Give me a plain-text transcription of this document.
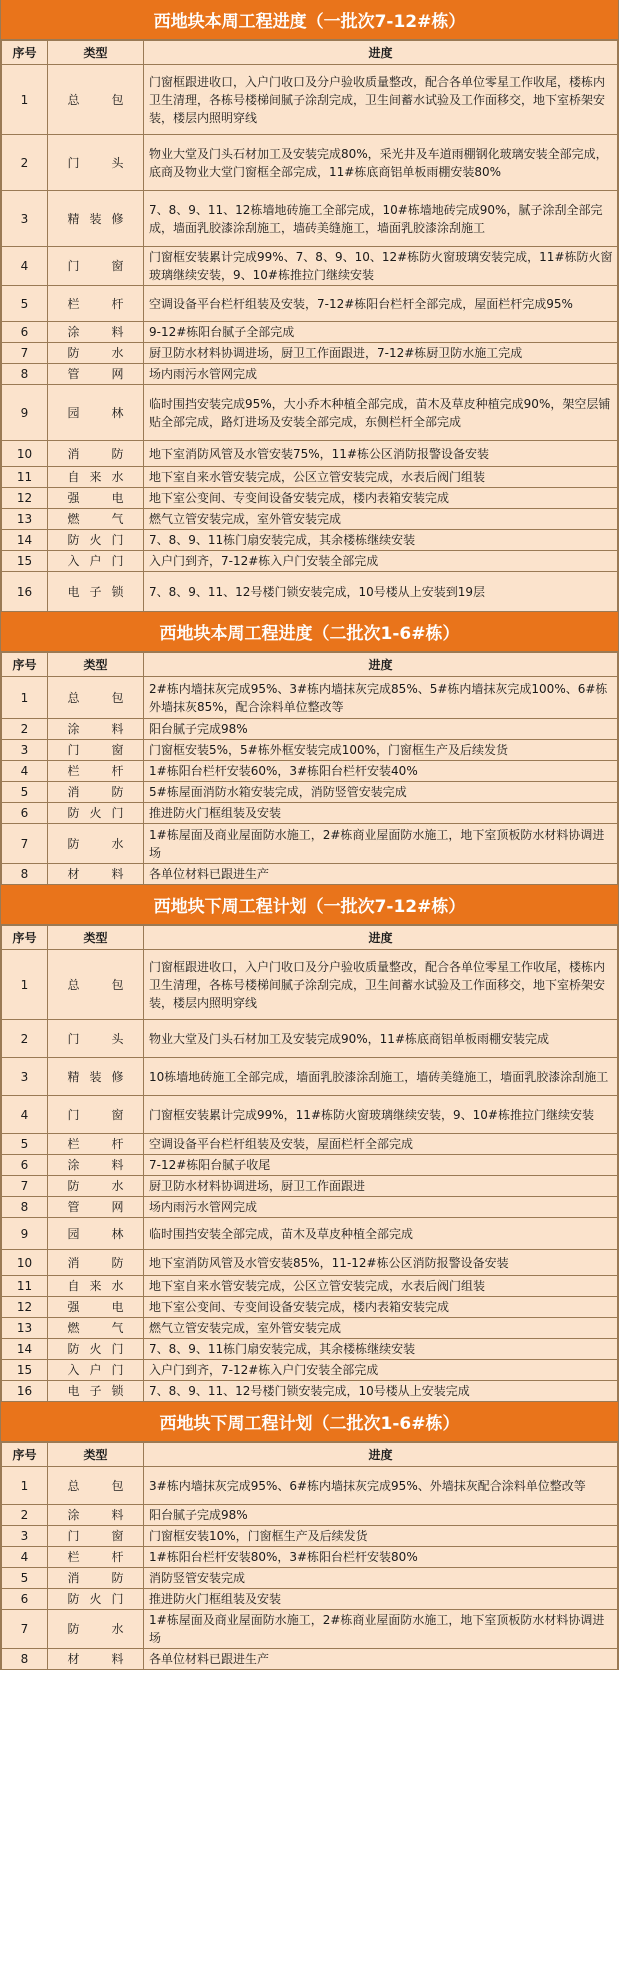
西地块本周工程进度（一批次7-12#栋）
序号	类型	进度
1	总包	门窗框跟进收口，入户门收口及分户验收质量整改，配合各单位零星工作收尾，楼栋内卫生清理，各栋号楼梯间腻子涂刮完成，卫生间蓄水试验及工作面移交，地下室桥架安装，楼层内照明穿线
2	门头	物业大堂及门头石材加工及安装完成80%，采光井及车道雨棚钢化玻璃安装全部完成，底商及物业大堂门窗框全部完成，11#栋底商铝单板雨棚安装80%
3	精装修	7、8、9、11、12栋墙地砖施工全部完成，10#栋墙地砖完成90%，腻子涂刮全部完成，墙面乳胶漆涂刮施工，墙砖美缝施工，墙面乳胶漆涂刮施工
4	门窗	门窗框安装累计完成99%、7、8、9、10、12#栋防火窗玻璃安装完成，11#栋防火窗玻璃继续安装，9、10#栋推拉门继续安装
5	栏杆	空调设备平台栏杆组装及安装，7-12#栋阳台栏杆全部完成，屋面栏杆完成95%
6	涂料	9-12#栋阳台腻子全部完成
7	防水	厨卫防水材料协调进场，厨卫工作面跟进，7-12#栋厨卫防水施工完成
8	管网	场内雨污水管网完成
9	园林	临时围挡安装完成95%，大小乔木种植全部完成，苗木及草皮种植完成90%，架空层铺贴全部完成，路灯进场及安装全部完成，东侧栏杆全部完成
10	消防	地下室消防风管及水管安装75%，11#栋公区消防报警设备安装
11	自来水	地下室自来水管安装完成，公区立管安装完成，水表后阀门组装
12	强电	地下室公变间、专变间设备安装完成，楼内表箱安装完成
13	燃气	燃气立管安装完成，室外管安装完成
14	防火门	7、8、9、11栋门扇安装完成，其余楼栋继续安装
15	入户门	入户门到齐，7-12#栋入户门安装全部完成
16	电子锁	7、8、9、11、12号楼门锁安装完成，10号楼从上安装到19层
西地块本周工程进度（二批次1-6#栋）
序号	类型	进度
1	总包	2#栋内墙抹灰完成95%、3#栋内墙抹灰完成85%、5#栋内墙抹灰完成100%、6#栋外墙抹灰85%，配合涂料单位整改等
2	涂料	阳台腻子完成98%
3	门窗	门窗框安装5%，5#栋外框安装完成100%，门窗框生产及后续发货
4	栏杆	1#栋阳台栏杆安装60%，3#栋阳台栏杆安装40%
5	消防	5#栋屋面消防水箱安装完成，消防竖管安装完成
6	防火门	推进防火门框组装及安装
7	防水	1#栋屋面及商业屋面防水施工，2#栋商业屋面防水施工，地下室顶板防水材料协调进场
8	材料	各单位材料已跟进生产
西地块下周工程计划（一批次7-12#栋）
序号	类型	进度
1	总包	门窗框跟进收口，入户门收口及分户验收质量整改，配合各单位零星工作收尾，楼栋内卫生清理，各栋号楼梯间腻子涂刮完成，卫生间蓄水试验及工作面移交，地下室桥架安装，楼层内照明穿线
2	门头	物业大堂及门头石材加工及安装完成90%，11#栋底商铝单板雨棚安装完成
3	精装修	10栋墙地砖施工全部完成，墙面乳胶漆涂刮施工，墙砖美缝施工，墙面乳胶漆涂刮施工
4	门窗	门窗框安装累计完成99%，11#栋防火窗玻璃继续安装，9、10#栋推拉门继续安装
5	栏杆	空调设备平台栏杆组装及安装，屋面栏杆全部完成
6	涂料	7-12#栋阳台腻子收尾
7	防水	厨卫防水材料协调进场，厨卫工作面跟进
8	管网	场内雨污水管网完成
9	园林	临时围挡安装全部完成，苗木及草皮种植全部完成
10	消防	地下室消防风管及水管安装85%，11-12#栋公区消防报警设备安装
11	自来水	地下室自来水管安装完成，公区立管安装完成，水表后阀门组装
12	强电	地下室公变间、专变间设备安装完成，楼内表箱安装完成
13	燃气	燃气立管安装完成，室外管安装完成
14	防火门	7、8、9、11栋门扇安装完成，其余楼栋继续安装
15	入户门	入户门到齐，7-12#栋入户门安装全部完成
16	电子锁	7、8、9、11、12号楼门锁安装完成，10号楼从上安装完成
西地块下周工程计划（二批次1-6#栋）
序号	类型	进度
1	总包	3#栋内墙抹灰完成95%、6#栋内墙抹灰完成95%、外墙抹灰配合涂料单位整改等
2	涂料	阳台腻子完成98%
3	门窗	门窗框安装10%，门窗框生产及后续发货
4	栏杆	1#栋阳台栏杆安装80%，3#栋阳台栏杆安装80%
5	消防	消防竖管安装完成
6	防火门	推进防火门框组装及安装
7	防水	1#栋屋面及商业屋面防水施工，2#栋商业屋面防水施工，地下室顶板防水材料协调进场
8	材料	各单位材料已跟进生产
